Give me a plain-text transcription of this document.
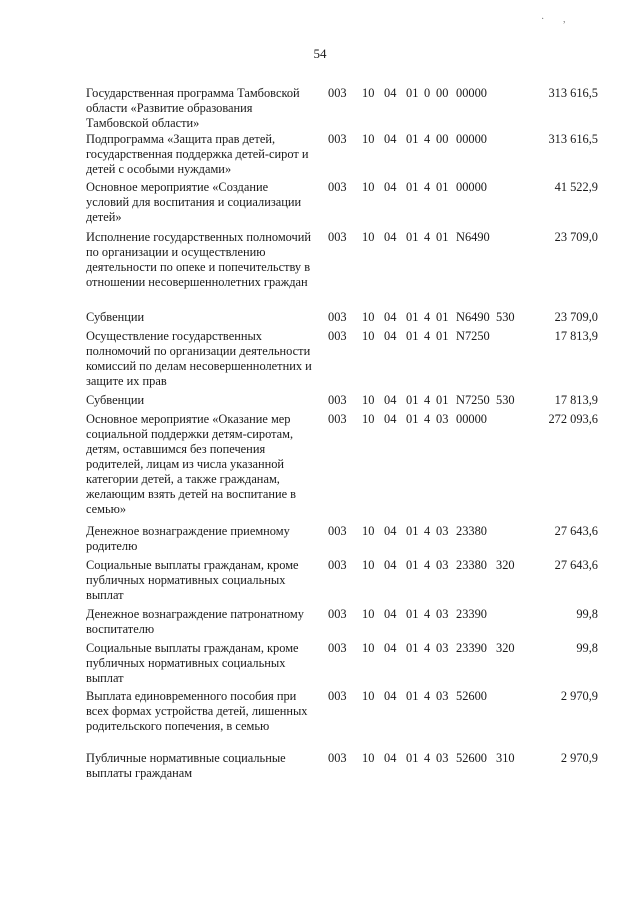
54
· ,
Государственная программа Тамбовской области «Развитие образования Тамбовской области»
003 10 04 01 0 00 00000	313 616,5
Подпрограмма «Защита прав детей, государственная поддержка детей-сирот и детей с особыми нуждами»
003 10 04 01 4 00 00000	313 616,5
Основное мероприятие «Создание условий для воспитания и социализации детей»
003 10 04 01 4 01 00000	41 522,9
Исполнение государственных полномочий по организации и осуществлению деятельности по опеке и попечительству в отношении несовершеннолетних граждан
003 10 04 01 4 01 N6490	23 709,0
Субвенции	003 10 04 01 4 01 N6490 530	23 709,0
Осуществление государственных полномочий по организации деятельности комиссий по делам несовершеннолетних и защите их прав
003 10 04 01 4 01 N7250	17 813,9
Субвенции	003 10 04 01 4 01 N7250 530	17 813,9
Основное мероприятие «Оказание мер социальной поддержки детям-сиротам, детям, оставшимся без попечения родителей, лицам из числа указанной категории детей, а также гражданам, желающим взять детей на воспитание в семью»
003 10 04 01 4 03 00000	272 093,6
Денежное вознаграждение приемному родителю
003 10 04 01 4 03 23380	27 643,6
Социальные выплаты гражданам, кроме публичных нормативных социальных выплат
003 10 04 01 4 03 23380 320	27 643,6
Денежное вознаграждение патронатному воспитателю
003 10 04 01 4 03 23390	99,8
Социальные выплаты гражданам, кроме публичных нормативных социальных выплат
003 10 04 01 4 03 23390 320	99,8
Выплата единовременного пособия при всех формах устройства детей, лишенных родительского попечения, в семью
003 10 04 01 4 03 52600	2 970,9
Публичные нормативные социальные выплаты гражданам
003 10 04 01 4 03 52600 310	2 970,9
